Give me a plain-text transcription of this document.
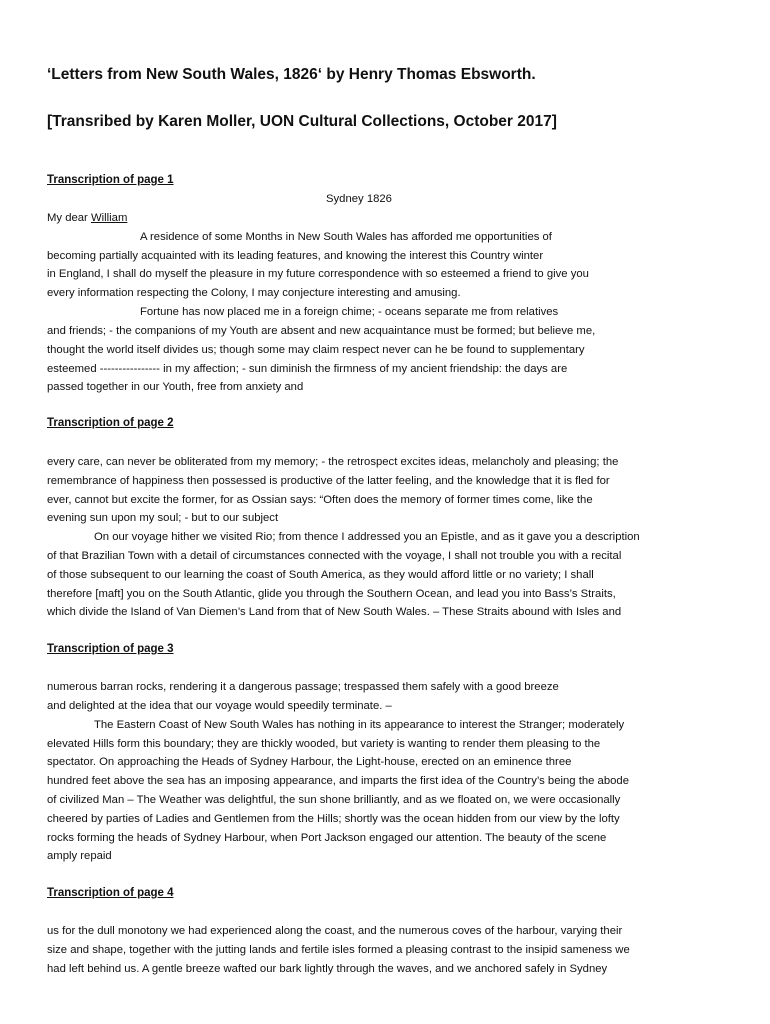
‘Letters from New South Wales, 1826‘ by Henry Thomas Ebsworth.
[Transribed by Karen Moller, UON Cultural Collections, October 2017]
Transcription of page 1
Sydney 1826
My dear William
A residence of some Months in New South Wales has afforded me opportunities of
becoming partially acquainted with its leading features, and knowing the interest this Country winter
in England, I shall do myself the pleasure in my future correspondence with so esteemed a friend to give you
every information respecting the Colony, I may conjecture interesting and amusing.
Fortune has now placed me in a foreign chime; - oceans separate me from relatives
and friends; - the companions of my Youth are absent and new acquaintance must be formed; but believe me,
thought the world itself divides us; though some may claim respect never can he be found to supplementary
esteemed ---------------- in my affection; - sun diminish the firmness of my ancient friendship: the days are
passed together in our Youth, free from anxiety and
Transcription of page 2
every care, can never be obliterated from my memory; - the retrospect excites ideas, melancholy and pleasing; the
remembrance of happiness then possessed is productive of the latter feeling, and the knowledge that it is fled for
ever, cannot but excite the former, for as Ossian says: “Often does the memory of former times come, like the
evening sun upon my soul; - but to our subject
On our voyage hither we visited Rio; from thence I addressed you an Epistle, and as it gave you a description
of that Brazilian Town with a detail of circumstances connected with the voyage, I shall not trouble you with a recital
of those subsequent to our learning the coast of South America, as they would afford little or no variety; I shall
therefore [maft] you on the South Atlantic, glide you through the Southern Ocean, and lead you into Bass’s Straits,
which divide the Island of Van Diemen’s Land from that of New South Wales. – These Straits abound with Isles and
Transcription of page 3
numerous barran rocks, rendering it a dangerous passage; trespassed them safely with a good breeze
and delighted at the idea that our voyage would speedily terminate. –
The Eastern Coast of New South Wales has nothing in its appearance to interest the Stranger; moderately
elevated Hills form this boundary; they are thickly wooded, but variety is wanting to render them pleasing to the
spectator. On approaching the Heads of Sydney Harbour, the Light-house, erected on an eminence three
hundred feet above the sea has an imposing appearance, and imparts the first idea of the Country’s being the abode
of civilized Man – The Weather was delightful, the sun shone brilliantly, and as we floated on, we were occasionally
cheered by parties of Ladies and Gentlemen from the Hills; shortly was the ocean hidden from our view by the lofty
rocks forming the heads of Sydney Harbour, when Port Jackson engaged our attention. The beauty of the scene
amply repaid
Transcription of page 4
us for the dull monotony we had experienced along the coast, and the numerous coves of the harbour, varying their
size and shape, together with the jutting lands and fertile isles formed a pleasing contrast to the insipid sameness we
had left behind us. A gentle breeze wafted our bark lightly through the waves, and we anchored safely in Sydney
